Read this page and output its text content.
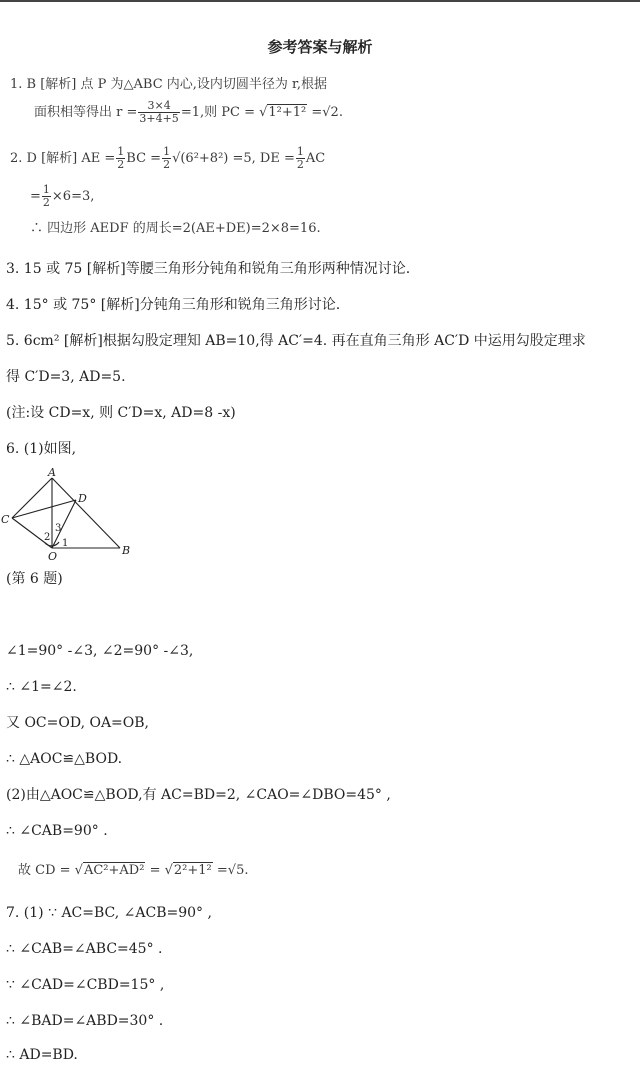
参考答案与解析
1. B [解析] 点 P 为△ABC 内心,设内切圆半径为 r,根据
面积相等得出 $r = \frac{3\times 4}{3+4+5} =1$,则 PC = √1²+1² =√2.
2. D [解析] AE = $\frac{1}{2}$ BC = $\frac{1}{2} √(6^2+8^2) =5$, DE = $\frac{1}{2}$ AC
= $\frac{1}{2} \times 6=3$,
∴ 四边形 AEDF 的周长=2(AE+DE)=2×8=16.
3. 15 或 75 [解析]等腰三角形分钝角和锐角三角形两种情况讨论.
4. 15° 或 75° [解析]分钝角三角形和锐角三角形讨论.
5. 6cm² [解析]根据勾股定理知 AB=10,得 AC′=4. 再在直角三角形 AC′D 中运用勾股定理求
得 C′D=3, AD=5.
(注:设 CD=x, 则 C′D=x, AD=8 -x)
6. (1)如图,
A
C
D
O	B
2
3
1
(第 6 题)
∠1=90° -∠3, ∠2=90° -∠3,
∴ ∠1=∠2.
又 OC=OD, OA=OB,
∴ △AOC≌△BOD.
(2)由△AOC≌△BOD,有 AC=BD=2, ∠CAO=∠DBO=45° ,
∴ ∠CAB=90° .
故 CD = √AC²+AD² = √2²+1² =√5.
7. (1) ∵ AC=BC, ∠ACB=90° ,
∴ ∠CAB=∠ABC=45° .
∵ ∠CAD=∠CBD=15° ,
∴ ∠BAD=∠ABD=30° .
∴ AD=BD.
